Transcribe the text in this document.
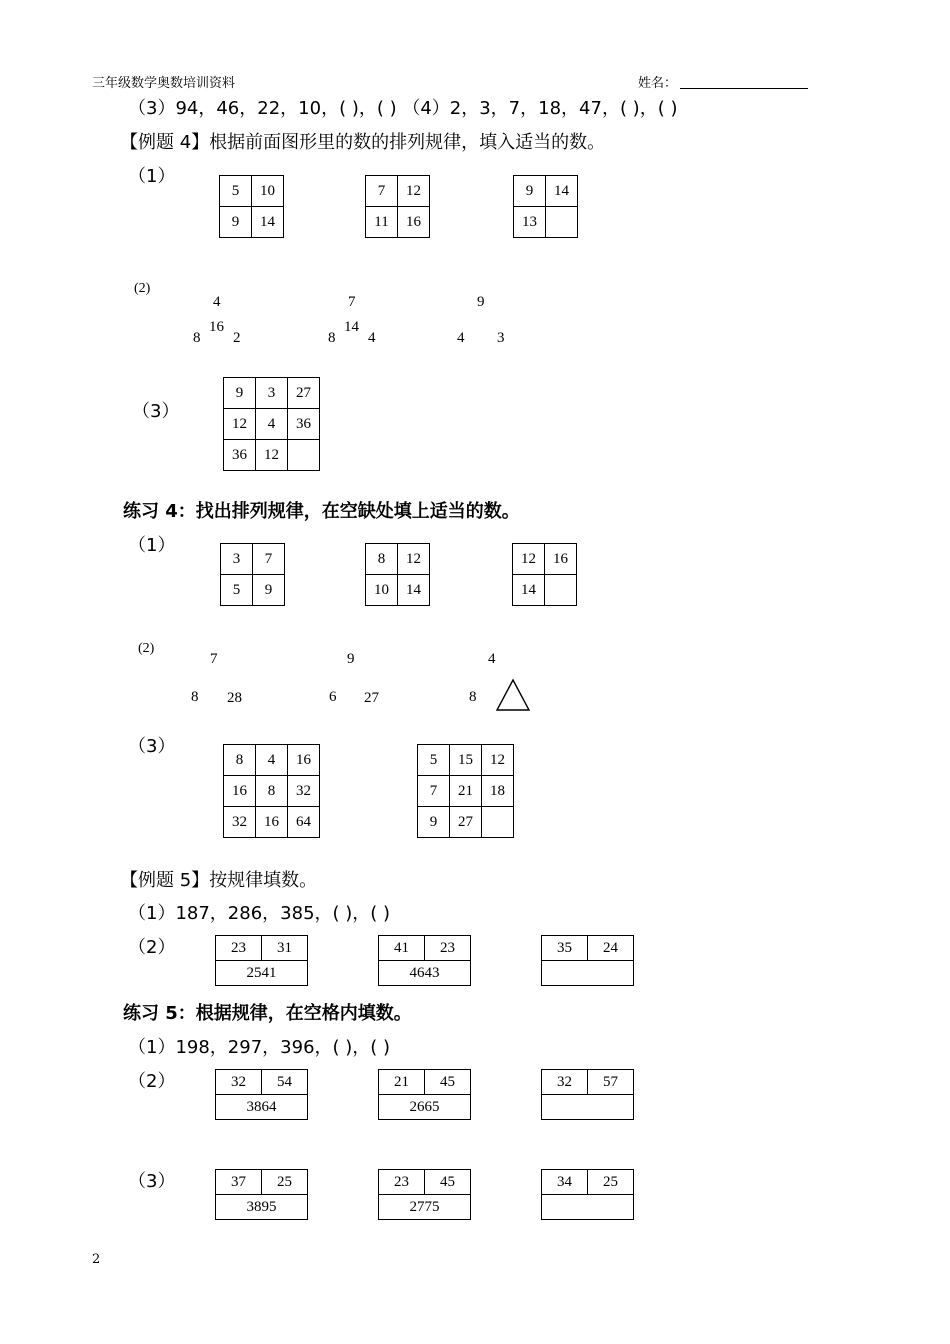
三年级数学奥数培训资料	姓名：
（3）94，46，22，10，( )，( ) （4）2，3，7，18，47，( )，( )
【例题 4】根据前面图形里的数的排列规律，填入适当的数。
（1）
5	10
9	14
7	12
11	16
9	14
13	
(2)
4
16
8 2
7
14
8 4
9
4 3
（3）
9	3	27
12	4	36
36	12	
练习 4：找出排列规律，在空缺处填上适当的数。
（1）
3	7
5	9
8	12
10	14
12	16
14	
(2)
7
8 28
9
6 27
4
8
（3）
8	4	16
16	8	32
32	16	64
5	15	12
7	21	18
9	27	
【例题 5】按规律填数。
（1）187，286，385，( )，( )
（2）	23	31
2541
41	23
4643
35	24
练习 5：根据规律，在空格内填数。
（1）198，297，396，( )，( )
（2）	32	54
3864
21	45
2665
32	57
（3）	37	25
3895
23	45
2775
34	25
2
